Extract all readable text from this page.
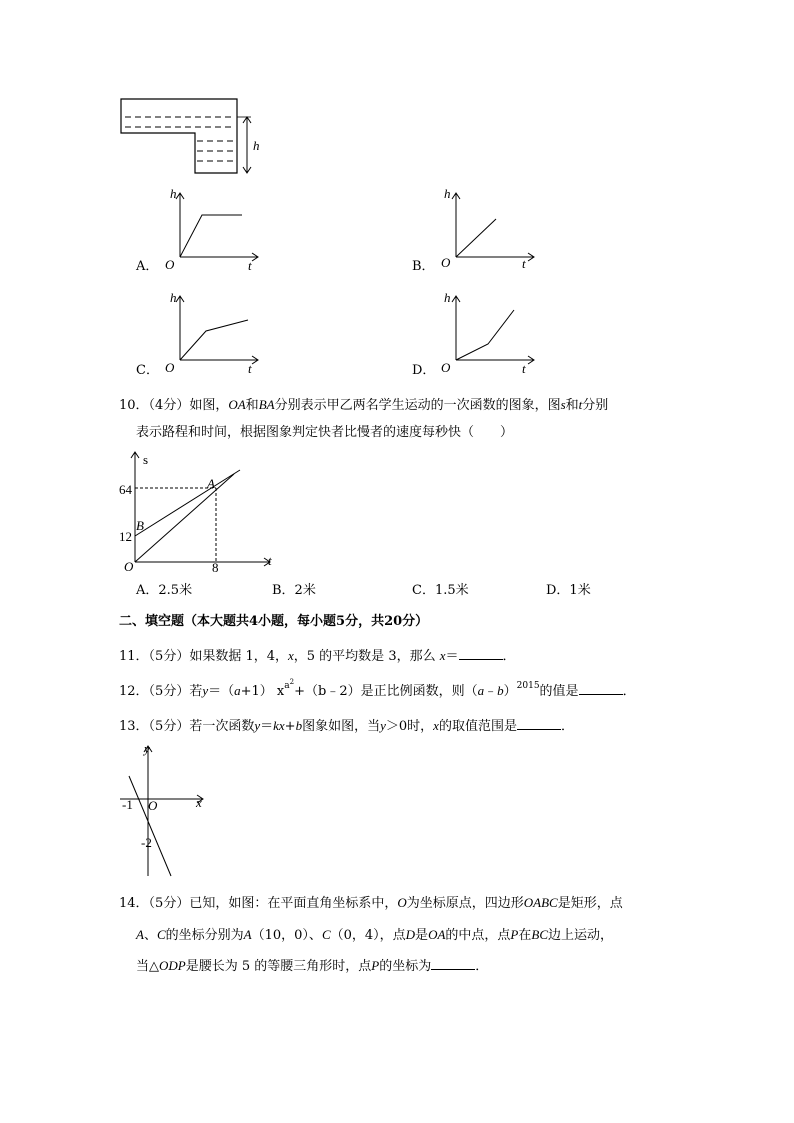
h
h
O	t
A．
h
O	t
B．
h
O	t
C．
h
O	t
D．
10．（4分）如图，OA和BA分别表示甲乙两名学生运动的一次函数的图象，图s和t分别
表示路程和时间，根据图象判定快者比慢者的速度每秒快（　　）
s
t
O
A
B
64
12
8
A．2.5米	B．2米	C．1.5米	D．1米
二、填空题（本大题共4小题，每小题5分，共20分）
11．（5分）如果数据 1，4，x，5 的平均数是 3，那么 x＝	．
12．（5分）若y＝（a+1） $x^{a^2}+(b﹣2)$是正比例函数，则（a﹣b）$^{2015}$的值是	．
13．（5分）若一次函数y＝kx+b图象如图，当y＞0时，x的取值范围是	．
y
x
O
-1
-2
14．（5分）已知，如图：在平面直角坐标系中，O为坐标原点，四边形OABC是矩形，点
A、C的坐标分别为A（10，0）、C（0，4），点D是OA的中点，点P在BC边上运动，
当△ODP是腰长为 5 的等腰三角形时，点P的坐标为	．
